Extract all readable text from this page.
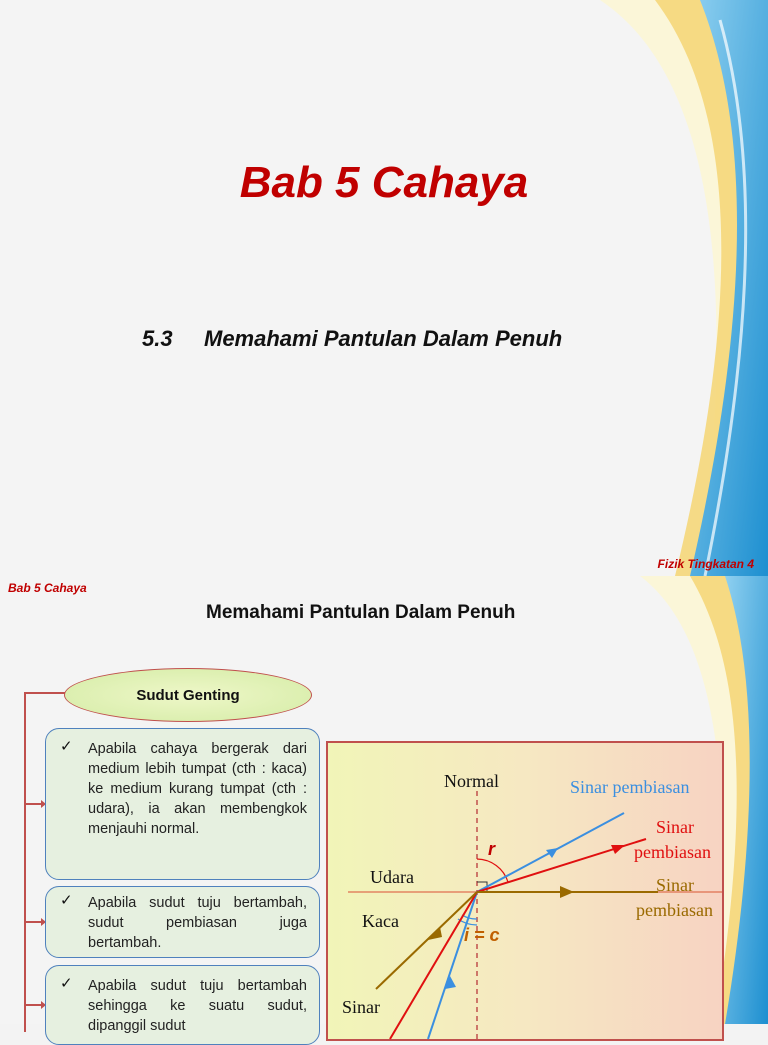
Bab 5 Cahaya
5.3 Memahami Pantulan Dalam Penuh
Fizik Tingkatan 4
Bab 5 Cahaya
Memahami Pantulan Dalam Penuh
Sudut Genting
✓ Apabila cahaya bergerak dari medium lebih tumpat (cth : kaca) ke medium kurang tumpat (cth : udara), ia akan membengkok menjauhi normal.
✓ Apabila sudut tuju bertambah, sudut pembiasan juga bertambah.
✓ Apabila sudut tuju bertambah sehingga ke suatu sudut, dipanggil sudut
Normal	Sinar pembiasan
Sinar
pembiasan
Sinar
pembiasan
Udara
Kaca
r
i = c
Sinar
